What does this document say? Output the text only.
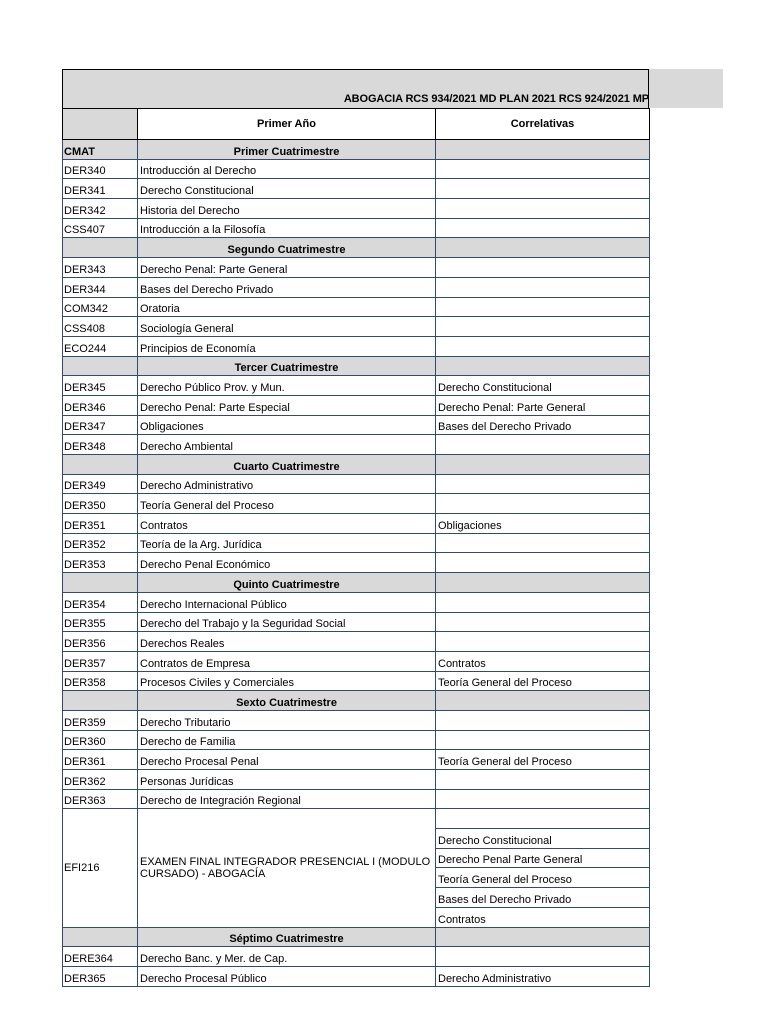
ABOGACIA RCS 934/2021 MD PLAN 2021 RCS 924/2021 MP
	Primer Año	Correlativas
CMAT	Primer Cuatrimestre	
DER340	Introducción al Derecho	
DER341	Derecho Constitucional	
DER342	Historia del Derecho	
CSS407	Introducción a la Filosofía	
	Segundo Cuatrimestre	
DER343	Derecho Penal: Parte General	
DER344	Bases del Derecho Privado	
COM342	Oratoria	
CSS408	Sociología General	
ECO244	Principios de Economía	
	Tercer Cuatrimestre	
DER345	Derecho Público Prov. y Mun.	Derecho Constitucional
DER346	Derecho Penal: Parte Especial	Derecho Penal: Parte General
DER347	Obligaciones	Bases del Derecho Privado
DER348	Derecho Ambiental	
	Cuarto Cuatrimestre	
DER349	Derecho Administrativo	
DER350	Teoría General del Proceso	
DER351	Contratos	Obligaciones
DER352	Teoría de la Arg. Jurídica	
DER353	Derecho Penal Económico	
	Quinto Cuatrimestre	
DER354	Derecho Internacional Público	
DER355	Derecho del Trabajo y la Seguridad Social	
DER356	Derechos Reales	
DER357	Contratos de Empresa	Contratos
DER358	Procesos Civiles y Comerciales	Teoría General del Proceso
	Sexto Cuatrimestre	
DER359	Derecho Tributario	
DER360	Derecho de Familia	
DER361	Derecho Procesal Penal	Teoría General del Proceso
DER362	Personas Jurídicas	
DER363	Derecho de Integración Regional	
EFI216	EXAMEN FINAL INTEGRADOR PRESENCIAL I (MODULO CURSADO) - ABOGACÍA	
		Derecho Constitucional
		Derecho Penal Parte General
		Teoría General del Proceso
		Bases del Derecho Privado
		Contratos
	Séptimo Cuatrimestre	
DERE364	Derecho Banc. y Mer. de Cap.	
DER365	Derecho Procesal Público	Derecho Administrativo
